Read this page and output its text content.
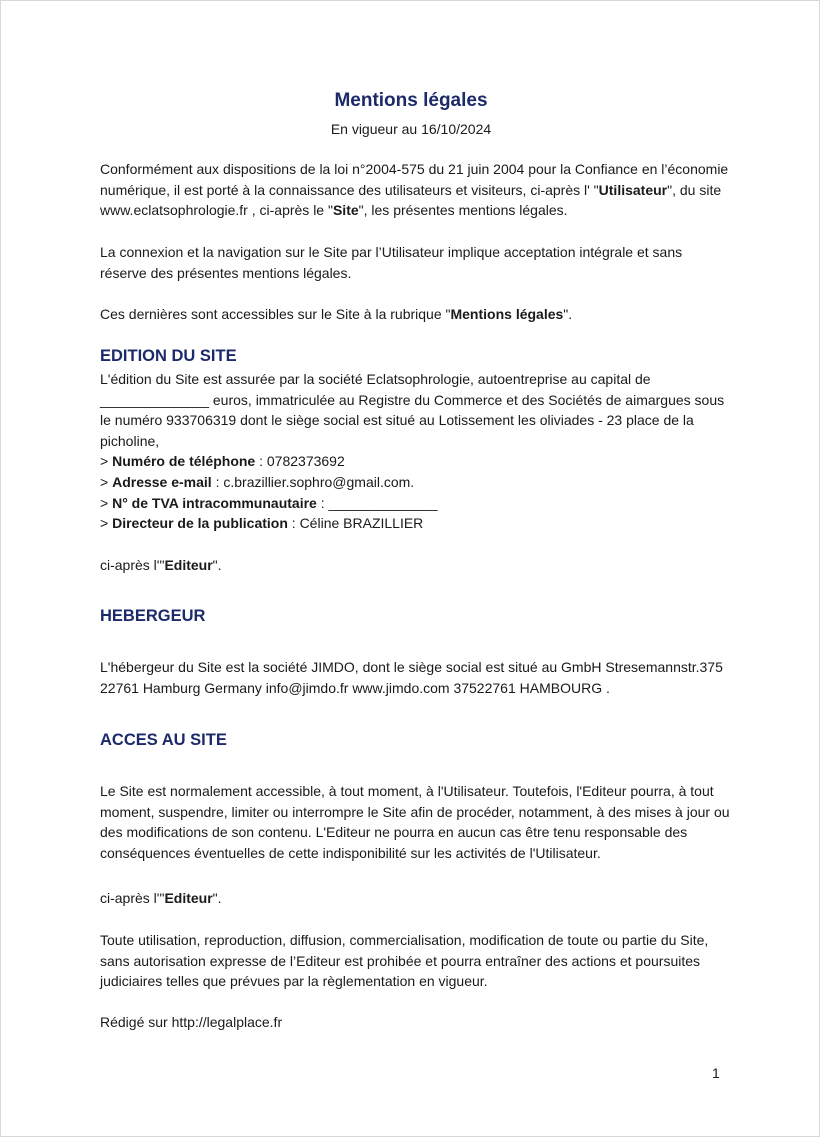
Mentions légales

En vigueur au 16/10/2024

Conformément aux dispositions de la loi n°2004-575 du 21 juin 2004 pour la Confiance en l’économie numérique, il est porté à la connaissance des utilisateurs et visiteurs, ci-après l' "Utilisateur", du site www.eclatsophrologie.fr , ci-après le "Site", les présentes mentions légales.

La connexion et la navigation sur le Site par l’Utilisateur implique acceptation intégrale et sans réserve des présentes mentions légales.

Ces dernières sont accessibles sur le Site à la rubrique "Mentions légales".

EDITION DU SITE
L'édition du Site est assurée par la société Eclatsophrologie, autoentreprise au capital de ______________ euros, immatriculée au Registre du Commerce et des Sociétés de aimargues sous le numéro 933706319 dont le siège social est situé au Lotissement les oliviades - 23 place de la picholine,
> Numéro de téléphone : 0782373692
> Adresse e-mail : c.brazillier.sophro@gmail.com.
> N° de TVA intracommunautaire : ______________
> Directeur de la publication : Céline BRAZILLIER

ci-après l'"Editeur".

HEBERGEUR

L'hébergeur du Site est la société JIMDO, dont le siège social est situé au GmbH Stresemannstr.375 22761 Hamburg Germany info@jimdo.fr www.jimdo.com 37522761 HAMBOURG .

ACCES AU SITE

Le Site est normalement accessible, à tout moment, à l'Utilisateur. Toutefois, l'Editeur pourra, à tout moment, suspendre, limiter ou interrompre le Site afin de procéder, notamment, à des mises à jour ou des modifications de son contenu. L'Editeur ne pourra en aucun cas être tenu responsable des conséquences éventuelles de cette indisponibilité sur les activités de l'Utilisateur.

ci-après l'"Editeur".

Toute utilisation, reproduction, diffusion, commercialisation, modification de toute ou partie du Site, sans autorisation expresse de l’Editeur est prohibée et pourra entraîner des actions et poursuites judiciaires telles que prévues par la règlementation en vigueur.

Rédigé sur http://legalplace.fr

1
